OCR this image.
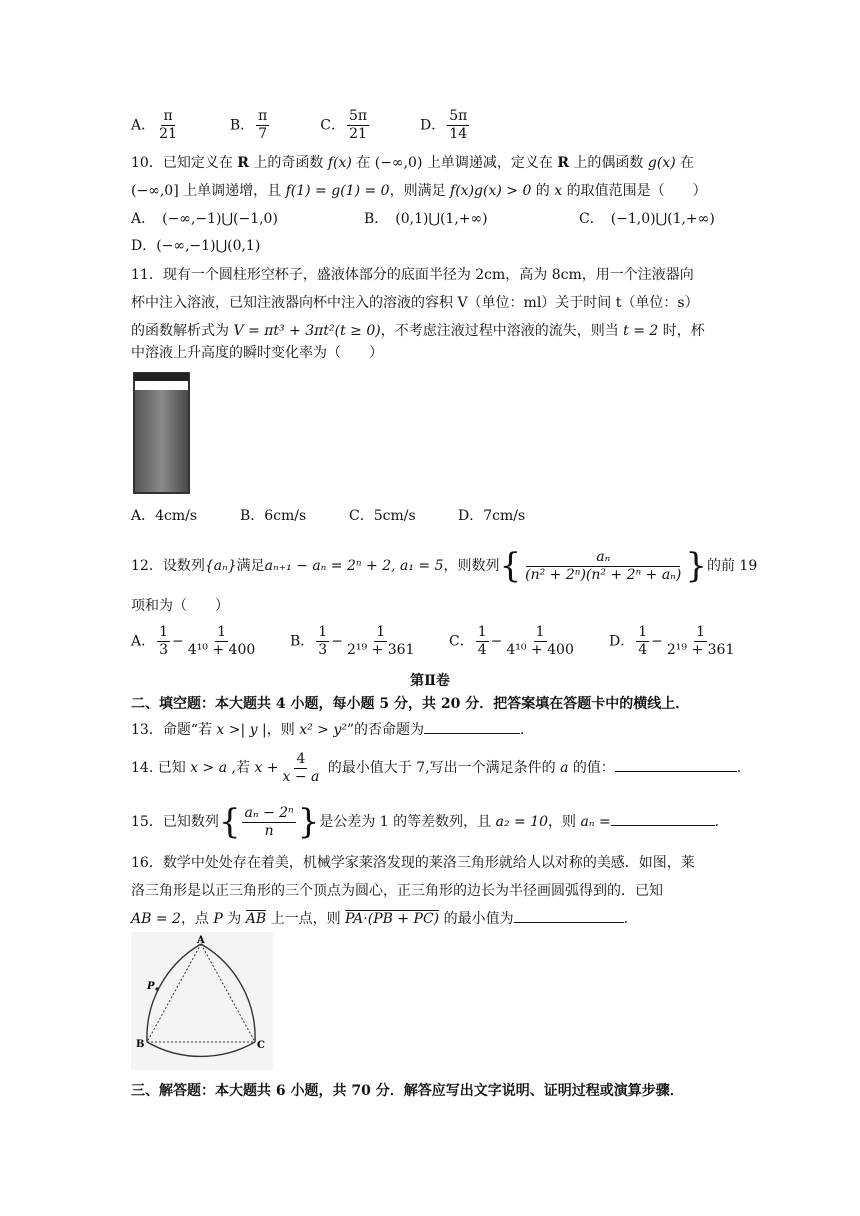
A． $\frac{\pi}{21}$	B． $\frac{\pi}{7}$	C． $\frac{5\pi}{21}$	D． $\frac{5\pi}{14}$
10．已知定义在 R 上的奇函数 f(x) 在 (−∞,0) 上单调递减，定义在 R 上的偶函数 g(x) 在
(−∞,0] 上单调递增，且 f(1) = g(1) = 0，则满足 f(x)g(x) > 0 的 x 的取值范围是（　　）
A．　(−∞,−1)⋃(−1,0)	B．　(0,1)⋃(1,+∞)	C．　(−1,0)⋃(1,+∞)
D．(−∞,−1)⋃(0,1)
11．现有一个圆柱形空杯子，盛液体部分的底面半径为 2cm，高为 8cm，用一个注液器向
杯中注入溶液，已知注液器向杯中注入的溶液的容积 V（单位：ml）关于时间 t（单位：s）
的函数解析式为 V = πt³ + 3πt²(t ≥ 0)，不考虑注液过程中溶液的流失，则当 t = 2 时，杯
中溶液上升高度的瞬时变化率为（　　）
A．4cm/s	B．6cm/s	C．5cm/s	D．7cm/s
12．设数列{aₙ}满足aₙ₊₁ − aₙ = 2ⁿ + 2, a₁ = 5，则数列{ $\frac{\text{aₙ}}{\text{(n² + 2ⁿ)(n² + 2ⁿ + aₙ)}}$ }的前 19
项和为（　　）
A． $\frac{1}{3} - \frac{1}{\text{4¹⁰ + 400}}$ B． $\frac{1}{3} - \frac{1}{\text{2¹⁹ + 361}}$ C． $\frac{1}{4} - \frac{1}{\text{4¹⁰ + 400}}$ D． $\frac{1}{4} - \frac{1}{\text{2¹⁹ + 361}}$
第Ⅱ卷
二、填空题：本大题共 4 小题，每小题 5 分，共 20 分．把答案填在答题卡中的横线上．
13．命题“若 x >| y |，则 x² > y²”的否命题为	．
14. 已知 x > a ,若 $x + \frac{4}{x - a}$ 的最小值大于 7,写出一个满足条件的 a 的值：	．
15．已知数列{ $\frac{\text{aₙ − 2ⁿ}}{n}$ }是公差为 1 的等差数列，且 a₂ = 10，则 aₙ =	．
16．数学中处处存在着美，机械学家莱洛发现的莱洛三角形就给人以对称的美感．如图，莱
洛三角形是以正三角形的三个顶点为圆心，正三角形的边长为半径画圆弧得到的．已知
AB = 2，点 P 为 AB 上一点，则 PA·(PB + PC) 的最小值为	．
A
B	C
P
三、解答题：本大题共 6 小题，共 70 分．解答应写出文字说明、证明过程或演算步骤．
